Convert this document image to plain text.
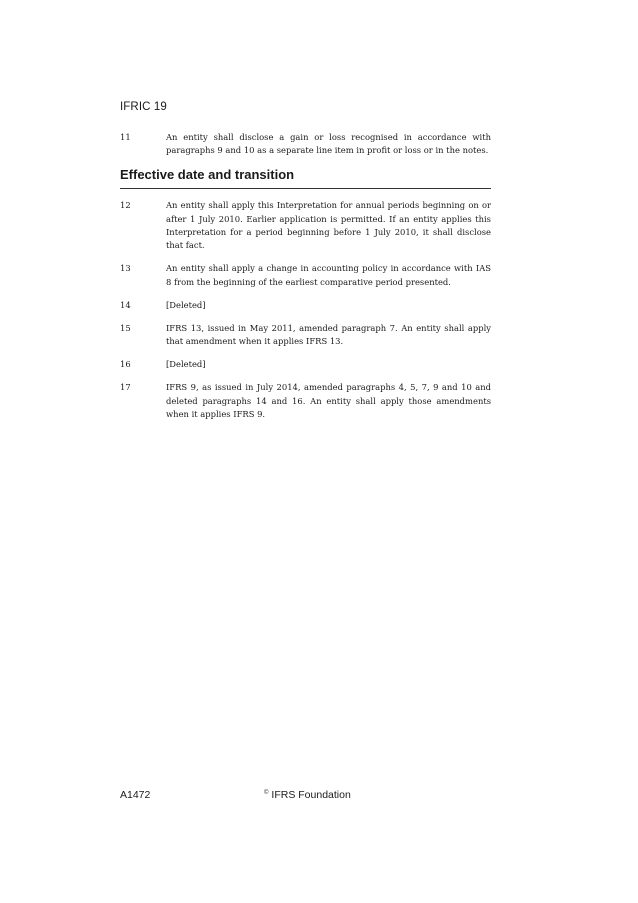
IFRIC 19
11	An entity shall disclose a gain or loss recognised in accordance with paragraphs 9 and 10 as a separate line item in profit or loss or in the notes.
Effective date and transition
12	An entity shall apply this Interpretation for annual periods beginning on or after 1 July 2010. Earlier application is permitted. If an entity applies this Interpretation for a period beginning before 1 July 2010, it shall disclose that fact.
13	An entity shall apply a change in accounting policy in accordance with IAS 8 from the beginning of the earliest comparative period presented.
14	[Deleted]
15	IFRS 13, issued in May 2011, amended paragraph 7. An entity shall apply that amendment when it applies IFRS 13.
16	[Deleted]
17	IFRS 9, as issued in July 2014, amended paragraphs 4, 5, 7, 9 and 10 and deleted paragraphs 14 and 16. An entity shall apply those amendments when it applies IFRS 9.
A1472	© IFRS Foundation
